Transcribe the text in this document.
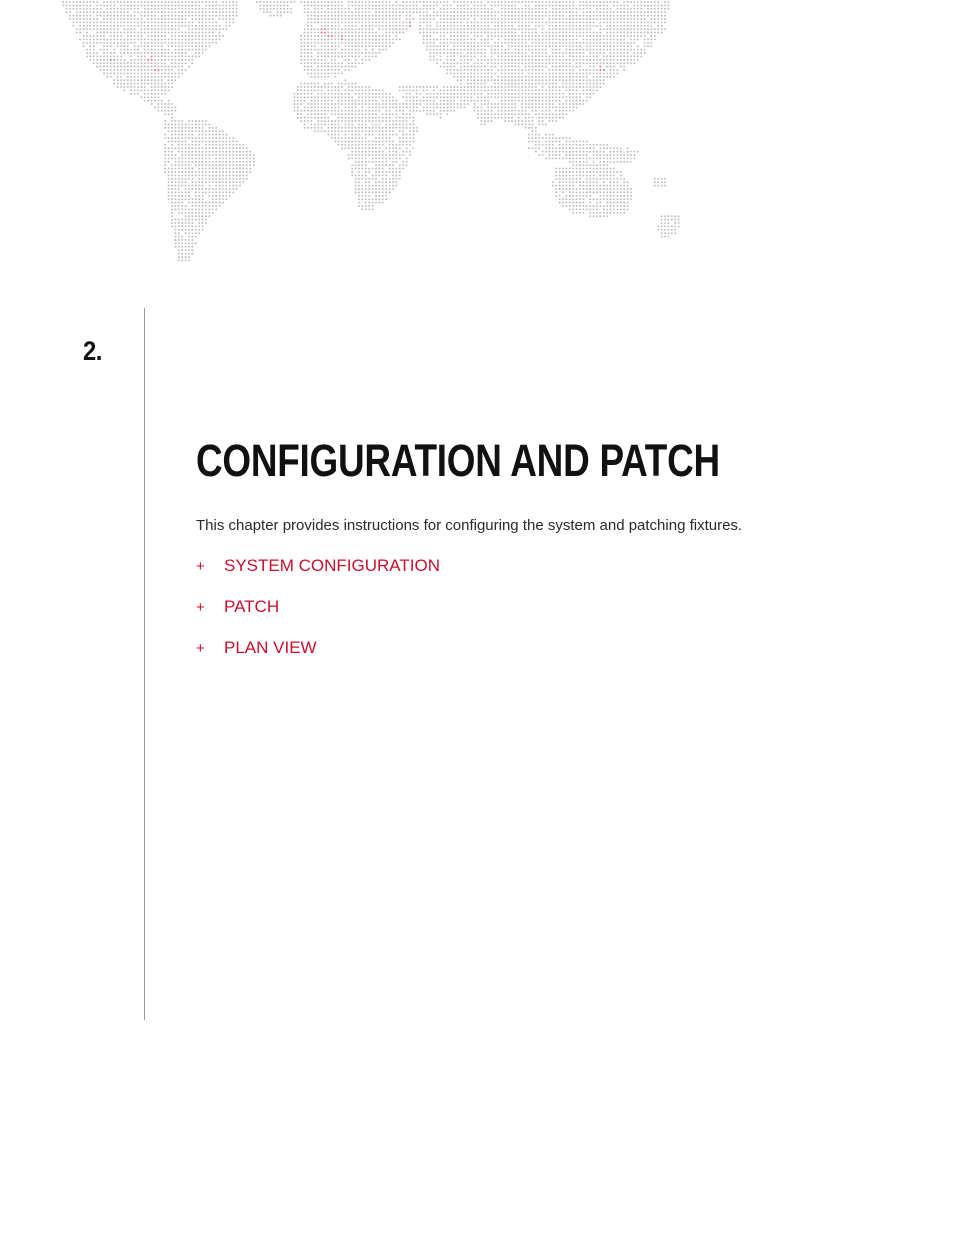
2.
CONFIGURATION AND PATCH

This chapter provides instructions for configuring the system and patching fixtures.

+	SYSTEM CONFIGURATION
+	PATCH
+	PLAN VIEW
